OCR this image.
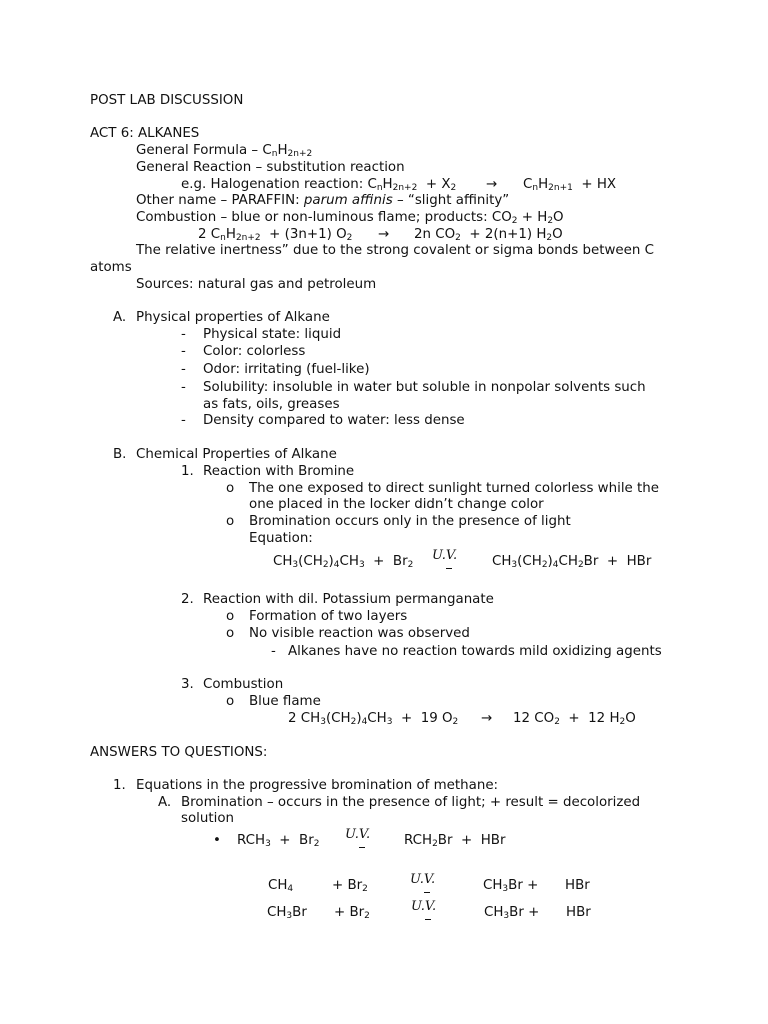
POST LAB DISCUSSION
ACT 6: ALKANES
General Formula – CnH2n+2
General Reaction – substitution reaction
e.g. Halogenation reaction: CnH2n+2 + X2 → CnH2n+1 + HX
Other name – PARAFFIN: parum affinis – “slight affinity”
Combustion – blue or non-luminous flame; products: CO2 + H2O
2 CnH2n+2 + (3n+1) O2 → 2n CO2 + 2(n+1) H2O
The relative inertness” due to the strong covalent or sigma bonds between C
atoms
Sources: natural gas and petroleum
A. Physical properties of Alkane
- Physical state: liquid
- Color: colorless
- Odor: irritating (fuel-like)
- Solubility: insoluble in water but soluble in nonpolar solvents such
as fats, oils, greases
- Density compared to water: less dense
B. Chemical Properties of Alkane
1. Reaction with Bromine
o The one exposed to direct sunlight turned colorless while the
one placed in the locker didn’t change color
o Bromination occurs only in the presence of light
Equation:
CH3(CH2)4CH3  +  Br2
U.V.	CH3(CH2)4CH2Br  +  HBr
2. Reaction with dil. Potassium permanganate
o Formation of two layers
o No visible reaction was observed
- Alkanes have no reaction towards mild oxidizing agents
3. Combustion
o Blue flame
2 CH3(CH2)4CH3  +  19 O2 → 12 CO2  +  12 H2O
ANSWERS TO QUESTIONS:
1. Equations in the progressive bromination of methane:
A. Bromination – occurs in the presence of light; + result = decolorized
solution
• RCH3  +  Br2
U.V.	RCH2Br  +  HBr
CH4	+ Br2
U.V.	CH3Br + HBr
CH3Br + Br2
U.V.	CH3Br + HBr
